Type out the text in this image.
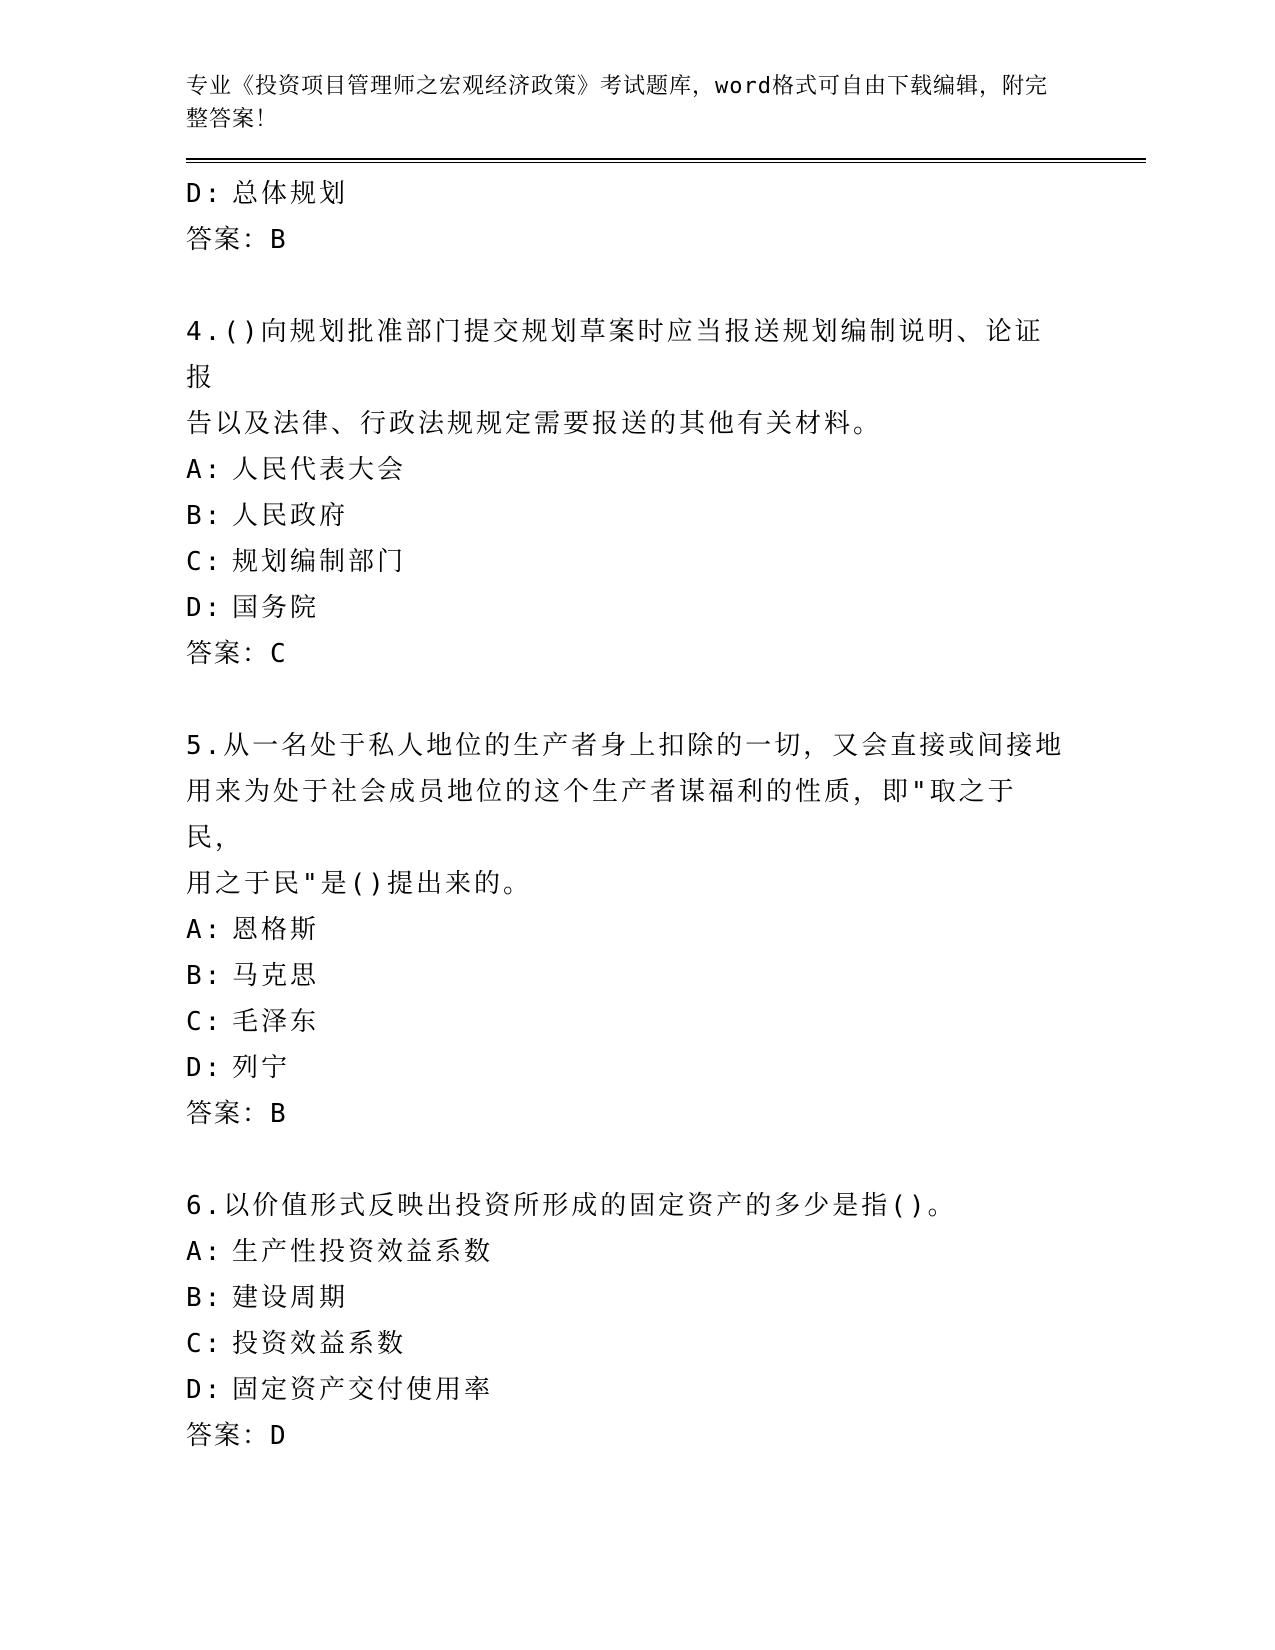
专业《投资项目管理师之宏观经济政策》考试题库，word格式可自由下载编辑，附完整答案！
D: 总体规划
答案：B
4.()向规划批准部门提交规划草案时应当报送规划编制说明、论证报
告以及法律、行政法规规定需要报送的其他有关材料。
A: 人民代表大会
B: 人民政府
C: 规划编制部门
D: 国务院
答案：C
5.从一名处于私人地位的生产者身上扣除的一切，又会直接或间接地
用来为处于社会成员地位的这个生产者谋福利的性质，即"取之于民，
用之于民"是()提出来的。
A: 恩格斯
B: 马克思
C: 毛泽东
D: 列宁
答案：B
6.以价值形式反映出投资所形成的固定资产的多少是指()。
A: 生产性投资效益系数
B: 建设周期
C: 投资效益系数
D: 固定资产交付使用率
答案：D
